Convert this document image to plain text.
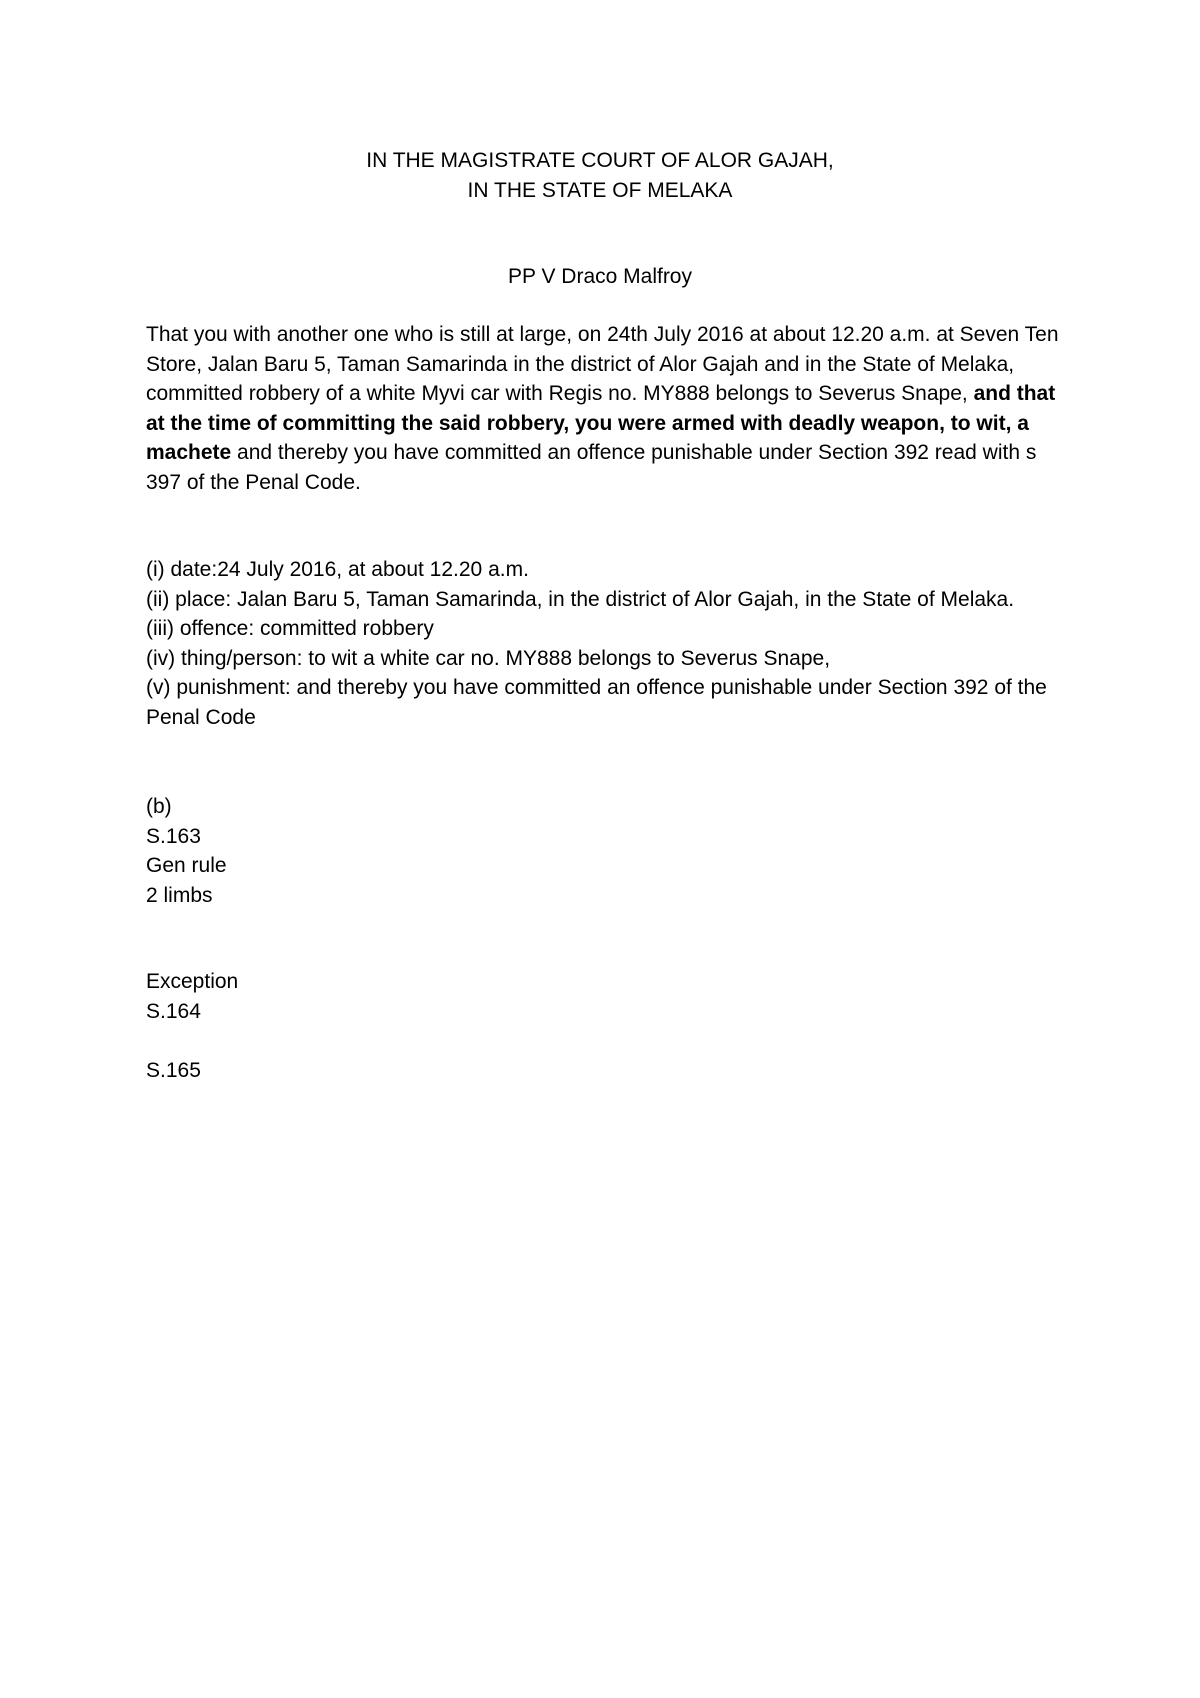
IN THE MAGISTRATE COURT OF ALOR GAJAH,
IN THE STATE OF MELAKA
PP V Draco Malfroy
That you with another one who is still at large, on 24th July 2016 at about 12.20 a.m. at Seven Ten Store, Jalan Baru 5, Taman Samarinda in the district of Alor Gajah and in the State of Melaka, committed robbery of a white Myvi car with Regis no. MY888 belongs to Severus Snape, and that at the time of committing the said robbery, you were armed with deadly weapon, to wit, a machete and thereby you have committed an offence punishable under Section 392 read with s 397 of the Penal Code.
(i) date:24 July 2016, at about 12.20 a.m.
(ii) place: Jalan Baru 5, Taman Samarinda, in the district of Alor Gajah, in the State of Melaka.
(iii) offence: committed robbery
(iv) thing/person: to wit a white car no. MY888 belongs to Severus Snape,
(v) punishment: and thereby you have committed an offence punishable under Section 392 of the Penal Code
(b)
S.163
Gen rule
2 limbs
Exception
S.164
S.165
